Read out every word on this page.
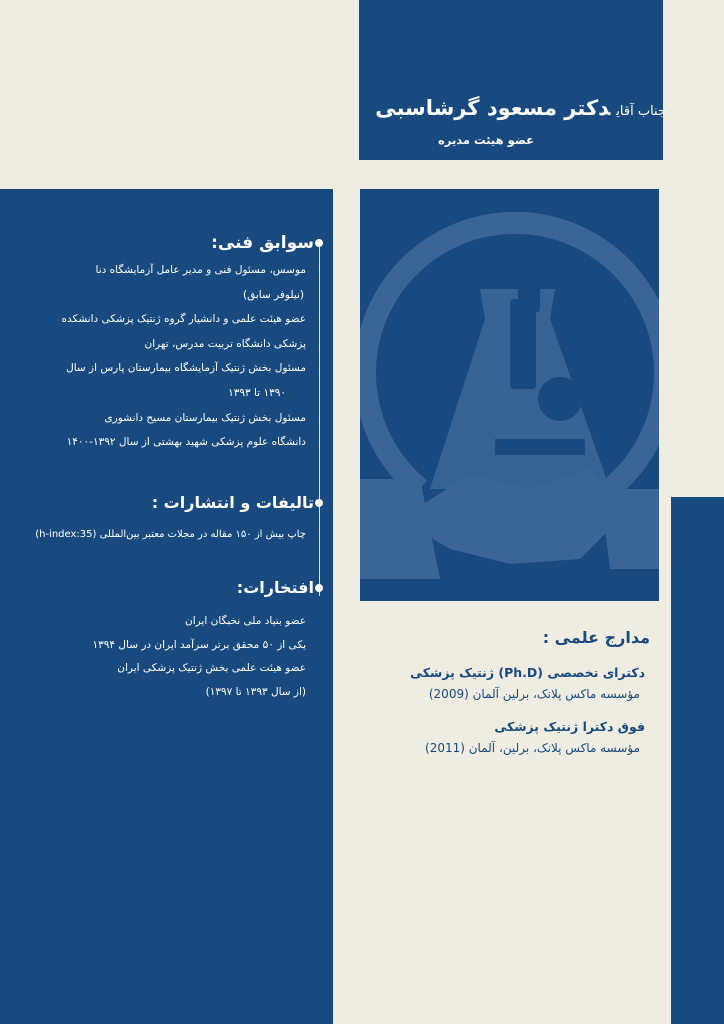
جناب آقایدکتر مسعود گرشاسبی
عضو هیئت مدیره
سوابق فنی:
موسس، مسئول فنی و مدیر عامل آزمایشگاه دنا
(نیلوفر سابق)
عضو هیئت علمی و دانشیار گروه ژنتیک پزشکی دانشکده
پزشکی دانشگاه تربیت مدرس، تهران
مسئول بخش ژنتیک آزمایشگاه بیمارستان پارس از سال
۱۳۹۰ تا ۱۳۹۳
مسئول بخش ژنتیک بیمارستان مسیح دانشوری
دانشگاه علوم پزشکی شهید بهشتی از سال ۱۳۹۲-۱۴۰۰
تالیفات و انتشارات :
چاپ بیش از ۱۵۰ مقاله در مجلات معتبر بین‌المللی (h-index:35)
افتخارات:
عضو بنیاد ملی نخبگان ایران
یکی از ۵۰ محقق برتر سرآمد ایران در سال ۱۳۹۴
عضو هیئت علمی بخش ژنتیک پزشکی ایران
(از سال ۱۳۹۳ تا ۱۳۹۷)
مدارج علمی :
دکترای تخصصی (Ph.D) ژنتیک پزشکی
مؤسسه ماکس پلانک، برلین آلمان (2009)
فوق دکترا ژنتیک پزشکی
مؤسسه ماکس پلانک، برلین، آلمان (2011)
